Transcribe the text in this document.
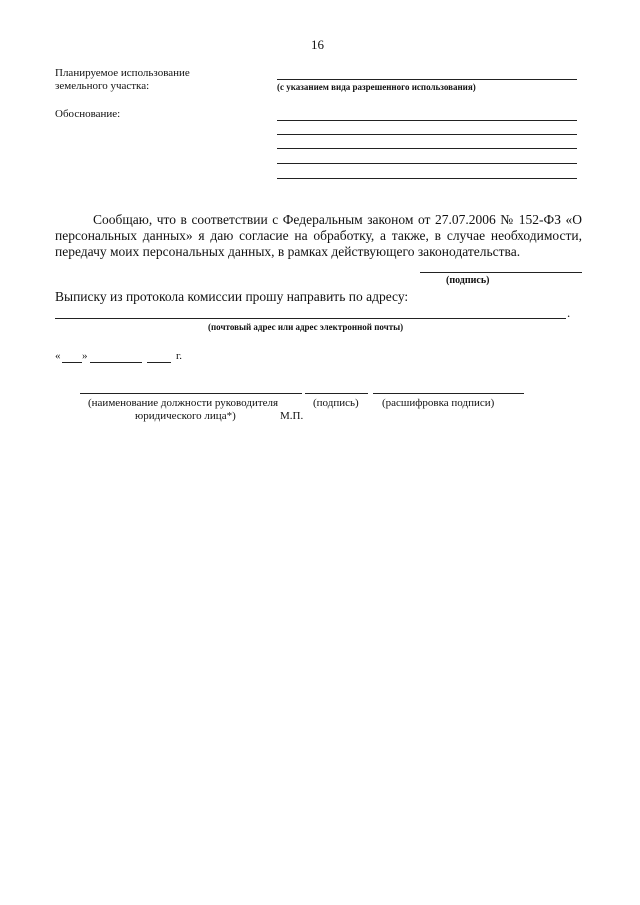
16
Планируемое использование
земельного участка:	(с указанием вида разрешенного использования)
Обоснование:
Сообщаю, что в соответствии с Федеральным законом от 27.07.2006 № 152-ФЗ «О персональных данных» я даю согласие на обработку, а также, в случае необходимости, передачу моих персональных данных, в рамках действующего законодательства.
(подпись)
Выписку из протокола комиссии прошу направить по адресу:
.
(почтовый адрес или адрес электронной почты)
« »	г.
(наименование должности руководителя	(подпись) (расшифровка подписи)
юридического лица*)	М.П.
